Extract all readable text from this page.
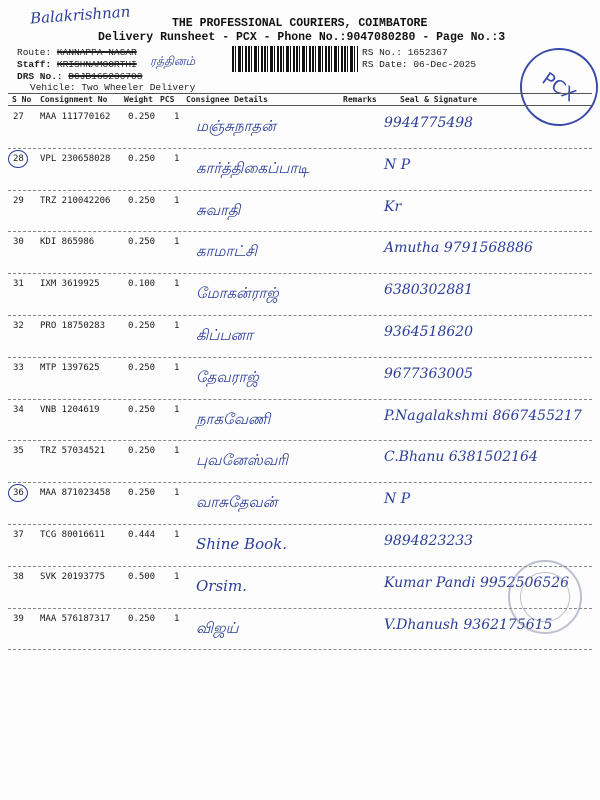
Balakrishnan	THE PROFESSIONAL COURIERS, COIMBATORE
Delivery Runsheet - PCX - Phone No.:9047080280 - Page No.:3
Route: KANNAPPA NAGAR
Staff: KRISHNAMOORTHI ரத்தினம்
DRS No.: DCJB165236703
Vehicle: Two Wheeler Delivery
RS No.: 1652367
RS Date: 06-Dec-2025
PCX
S No Consignment No Weight PCS Consignee Details	Remarks	Seal & Signature
27 MAA 111770162 0.250 1 மஞ்சுநாதன்	9944775498
28 VPL 230658028 0.250 1 கார்த்திகைப்பாடி	N P
29 TRZ 210042206 0.250 1 சுவாதி	Kr
30 KDI 865986	0.250 1 காமாட்சி	Amutha 9791568886
31 IXM 3619925	0.100 1 மோகன்ராஜ்	6380302881
32 PRO 18750283	0.250 1 கிப்பனா	9364518620
33 MTP 1397625	0.250 1 தேவராஜ்	9677363005
34 VNB 1204619	0.250 1 நாகவேணி	P.Nagalakshmi 8667455217
35 TRZ 57034521	0.250 1 புவனேஸ்வரி	C.Bhanu 6381502164
36 MAA 871023458 0.250 1 வாசுதேவன்	N P
37 TCG 80016611	0.444 1 Shine Book.	9894823233
38 SVK 20193775	0.500 1 Orsim.	Kumar Pandi 9952506526
39 MAA 576187317 0.250 1 விஜய்	V.Dhanush 9362175615
